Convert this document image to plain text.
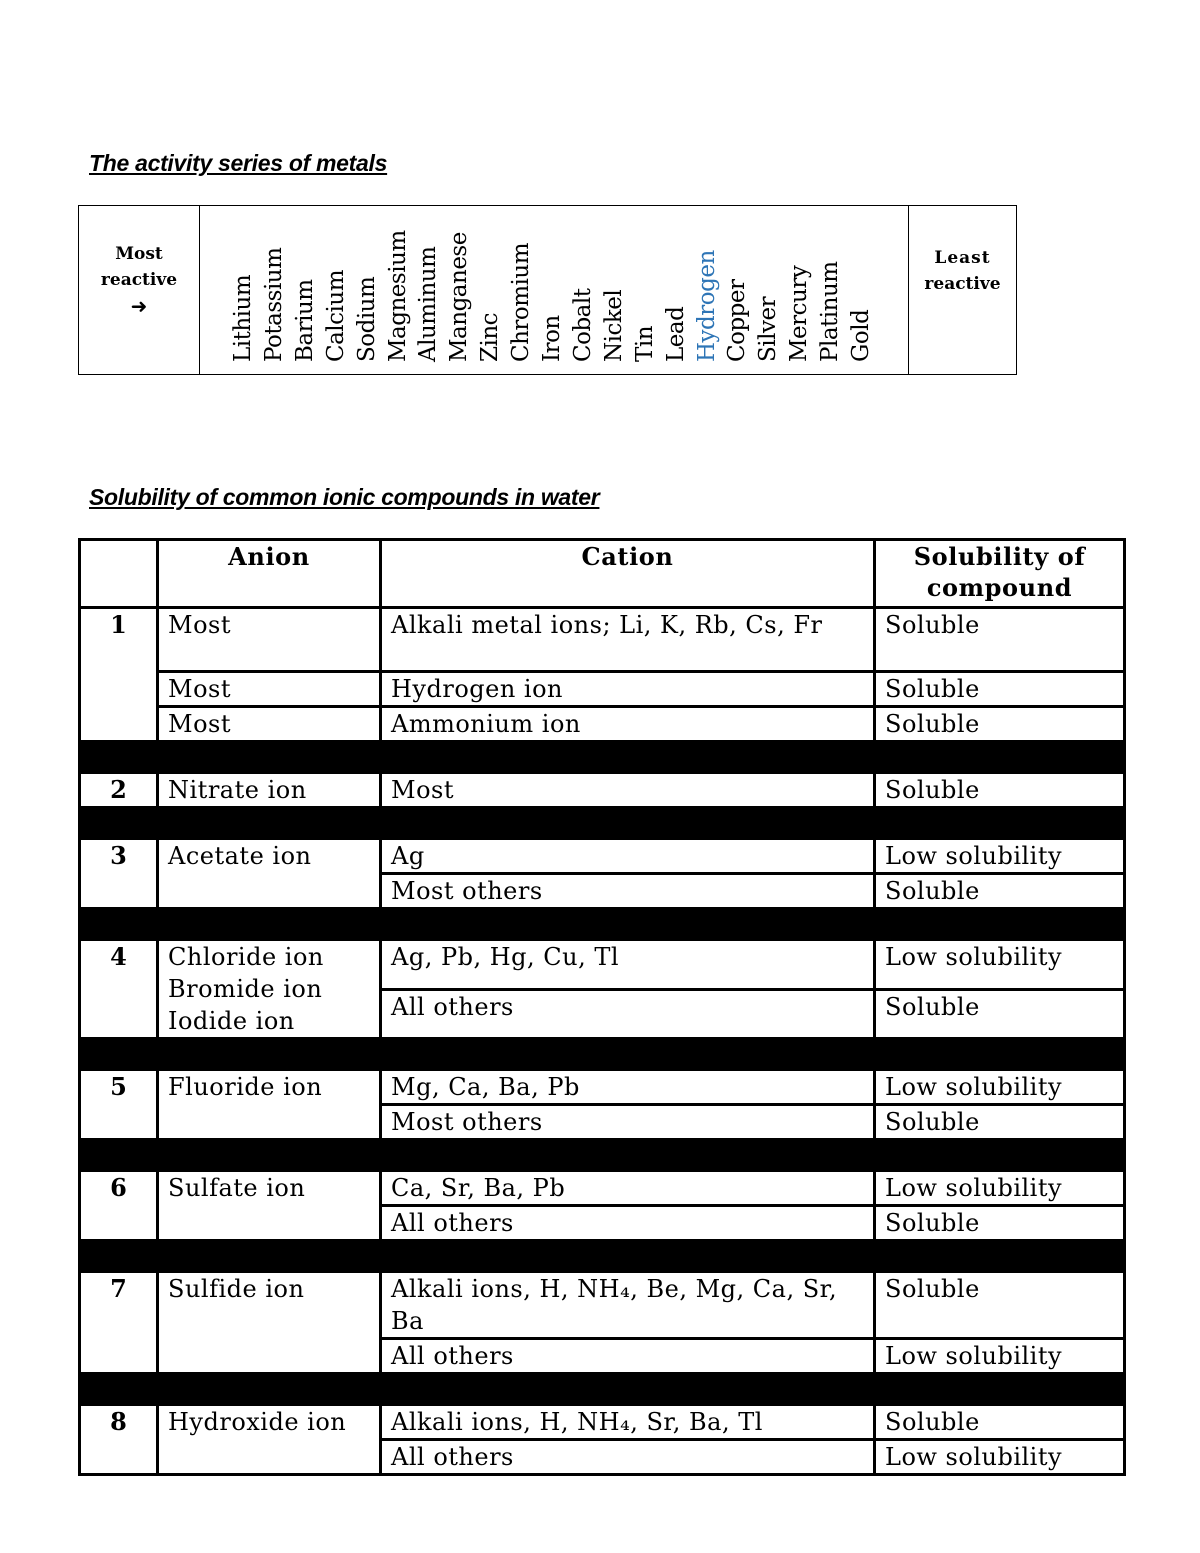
The activity series of metals

Most
reactive
➜	Lithium Potassium Barium Calcium Sodium Magnesium Aluminum Manganese Zinc Chromium Iron Cobalt Nickel Tin Lead Hydrogen Copper Silver Mercury Platinum Gold
Least
reactive

Solubility of common ionic compounds in water

	Anion	Cation	Solubility of compound
1	Most	Alkali metal ions; Li, K, Rb, Cs, Fr	Soluble
	Most	Hydrogen ion	Soluble
	Most	Ammonium ion	Soluble

2	Nitrate ion	Most	Soluble

3	Acetate ion	Ag	Low solubility
		Most others	Soluble

4	Chloride ion
Bromide ion
Iodide ion	Ag, Pb, Hg, Cu, Tl	Low solubility
		All others	Soluble

5	Fluoride ion	Mg, Ca, Ba, Pb	Low solubility
		Most others	Soluble

6	Sulfate ion	Ca, Sr, Ba, Pb	Low solubility
		All others	Soluble

7	Sulfide ion	Alkali ions, H, NH₄, Be, Mg, Ca, Sr, Ba	Soluble
		All others	Low solubility

8	Hydroxide ion	Alkali ions, H, NH₄, Sr, Ba, Tl	Soluble
		All others	Low solubility
